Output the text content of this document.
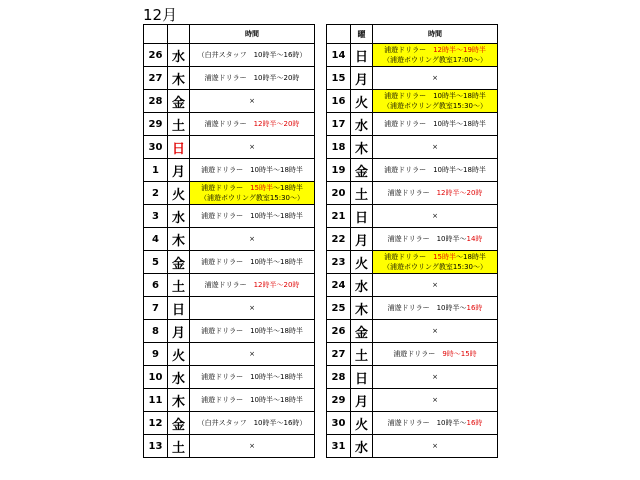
12月
		時間
26	水	（白井スタッフ　10時半～16時）
27	木	浦遊ドリラー　10時半～20時
28	金	×
29	土	浦遊ドリラー　12時半～20時
30	日	×
1	月	浦遊ドリラー　10時半～18時半
2	火	浦遊ドリラー　15時半～18時半
（浦遊ボウリング教室15:30～）

3	水	浦遊ドリラー　10時半～18時半
4	木	×
5	金	浦遊ドリラー　10時半～18時半
6	土	浦遊ドリラー　12時半～20時
7	日	×
8	月	浦遊ドリラー　10時半～18時半
9	火	×
10	水	浦遊ドリラー　10時半～18時半
11	木	浦遊ドリラー　10時半～18時半
12	金	（白井スタッフ　10時半～16時）
13	土	×
	曜	時間
14	日	浦遊ドリラー　12時半～19時半
（浦遊ボウリング教室17:00～）

15	月	×
16	火	浦遊ドリラー　10時半～18時半
（浦遊ボウリング教室15:30～）

17	水	浦遊ドリラー　10時半～18時半
18	木	×
19	金	浦遊ドリラー　10時半～18時半
20	土	浦遊ドリラー　12時半～20時
21	日	×
22	月	浦遊ドリラー　10時半～14時
23	火	浦遊ドリラー　15時半～18時半
（浦遊ボウリング教室15:30～）

24	水	×
25	木	浦遊ドリラー　10時半～16時
26	金	×
27	土	浦遊ドリラー　9時～15時
28	日	×
29	月	×
30	火	浦遊ドリラー　10時半～16時
31	水	×
